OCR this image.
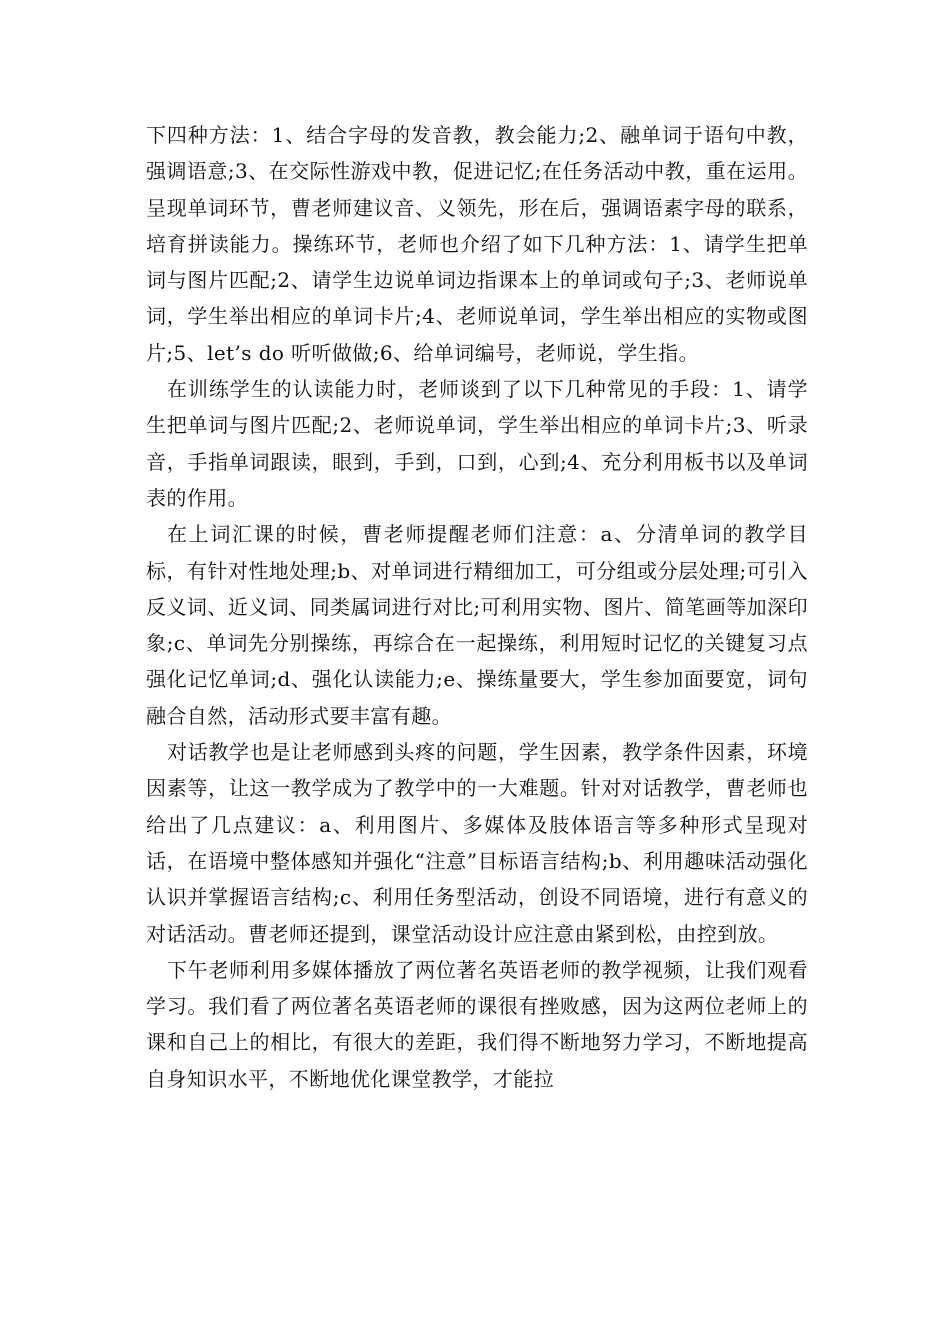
下四种方法：1、结合字母的发音教，教会能力;2、融单词于语句中教，强调语意;3、在交际性游戏中教，促进记忆;在任务活动中教，重在运用。呈现单词环节，曹老师建议音、义领先，形在后，强调语素字母的联系，培育拼读能力。操练环节，老师也介绍了如下几种方法：1、请学生把单词与图片匹配;2、请学生边说单词边指课本上的单词或句子;3、老师说单词，学生举出相应的单词卡片;4、老师说单词，学生举出相应的实物或图片;5、let’s do 听听做做;6、给单词编号，老师说，学生指。

在训练学生的认读能力时，老师谈到了以下几种常见的手段：1、请学生把单词与图片匹配;2、老师说单词，学生举出相应的单词卡片;3、听录音，手指单词跟读，眼到，手到，口到，心到;4、充分利用板书以及单词表的作用。

在上词汇课的时候，曹老师提醒老师们注意：a、分清单词的教学目标，有针对性地处理;b、对单词进行精细加工，可分组或分层处理;可引入反义词、近义词、同类属词进行对比;可利用实物、图片、简笔画等加深印象;c、单词先分别操练，再综合在一起操练，利用短时记忆的关键复习点强化记忆单词;d、强化认读能力;e、操练量要大，学生参加面要宽，词句融合自然，活动形式要丰富有趣。

对话教学也是让老师感到头疼的问题，学生因素，教学条件因素，环境因素等，让这一教学成为了教学中的一大难题。针对对话教学，曹老师也给出了几点建议：a、利用图片、多媒体及肢体语言等多种形式呈现对话，在语境中整体感知并强化“注意”目标语言结构;b、利用趣味活动强化认识并掌握语言结构;c、利用任务型活动，创设不同语境，进行有意义的对话活动。曹老师还提到，课堂活动设计应注意由紧到松，由控到放。

下午老师利用多媒体播放了两位著名英语老师的教学视频，让我们观看学习。我们看了两位著名英语老师的课很有挫败感，因为这两位老师上的课和自己上的相比，有很大的差距，我们得不断地努力学习，不断地提高自身知识水平，不断地优化课堂教学，才能拉
